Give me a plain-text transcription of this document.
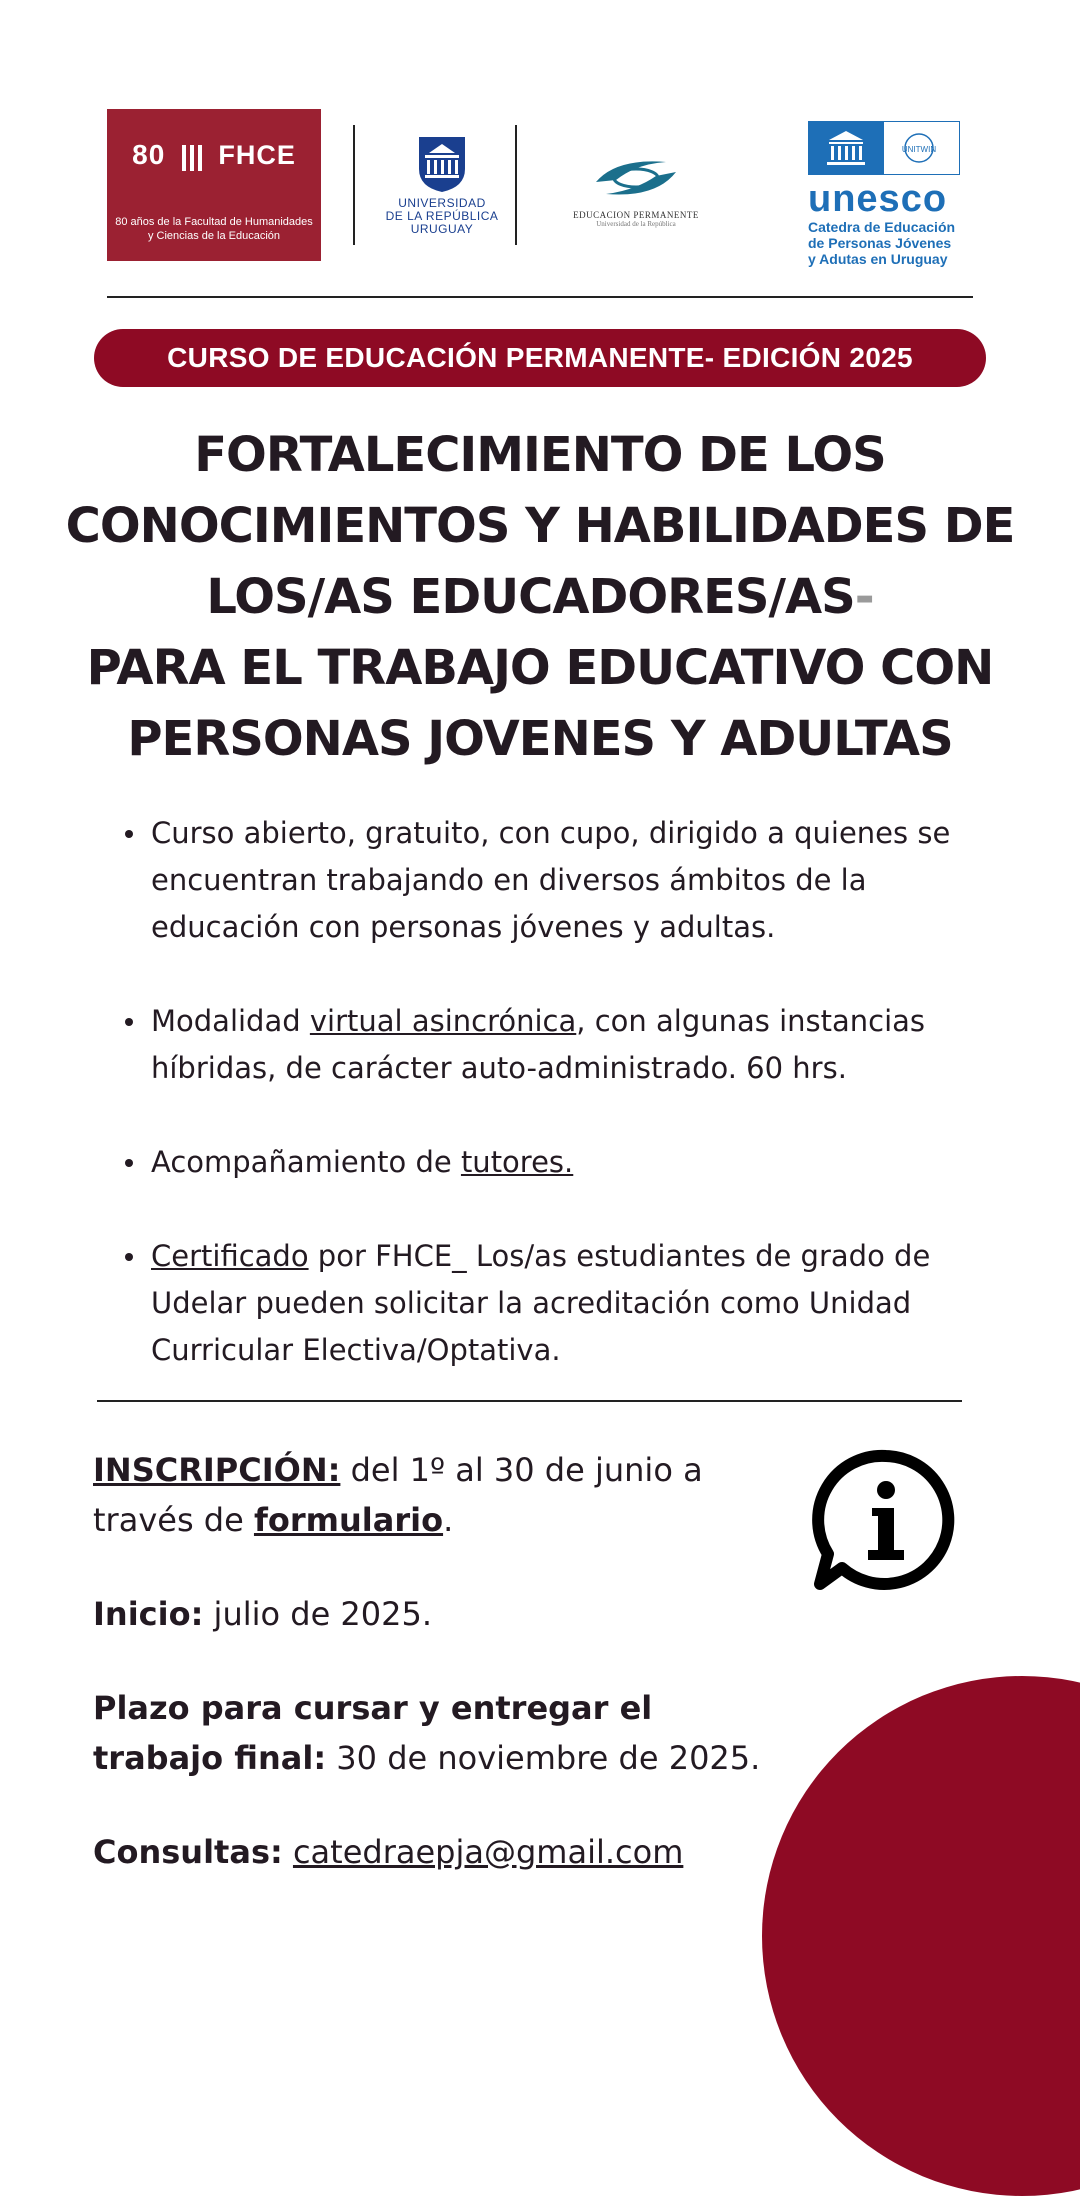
80 FHCE
80 años de la Facultad de Humanidades
y Ciencias de la Educación
UNIVERSIDAD
DE LA REPÚBLICA
URUGUAY
EDUCACION PERMANENTE
Universidad de la República
UNITWIN
unesco
Catedra de Educación
de Personas Jóvenes
y Adutas en Uruguay
CURSO DE EDUCACIÓN PERMANENTE- EDICIÓN 2025
FORTALECIMIENTO DE LOS
CONOCIMIENTOS Y HABILIDADES DE
LOS/AS EDUCADORES/AS-
PARA EL TRABAJO EDUCATIVO CON
PERSONAS JOVENES Y ADULTAS
Curso abierto, gratuito, con cupo, dirigido a quienes se encuentran trabajando en diversos ámbitos de la educación con personas jóvenes y adultas.
Modalidad virtual asincrónica, con algunas instancias híbridas, de carácter auto-administrado. 60 hrs.
Acompañamiento de tutores.
Certificado por FHCE_ Los/as estudiantes de grado de Udelar pueden solicitar la acreditación como Unidad Curricular Electiva/Optativa.

INSCRIPCIÓN: del 1º al 30 de junio a través de formulario.

Inicio: julio de 2025.

Plazo para cursar y entregar el trabajo final: 30 de noviembre de 2025.

Consultas: catedraepja@gmail.com
